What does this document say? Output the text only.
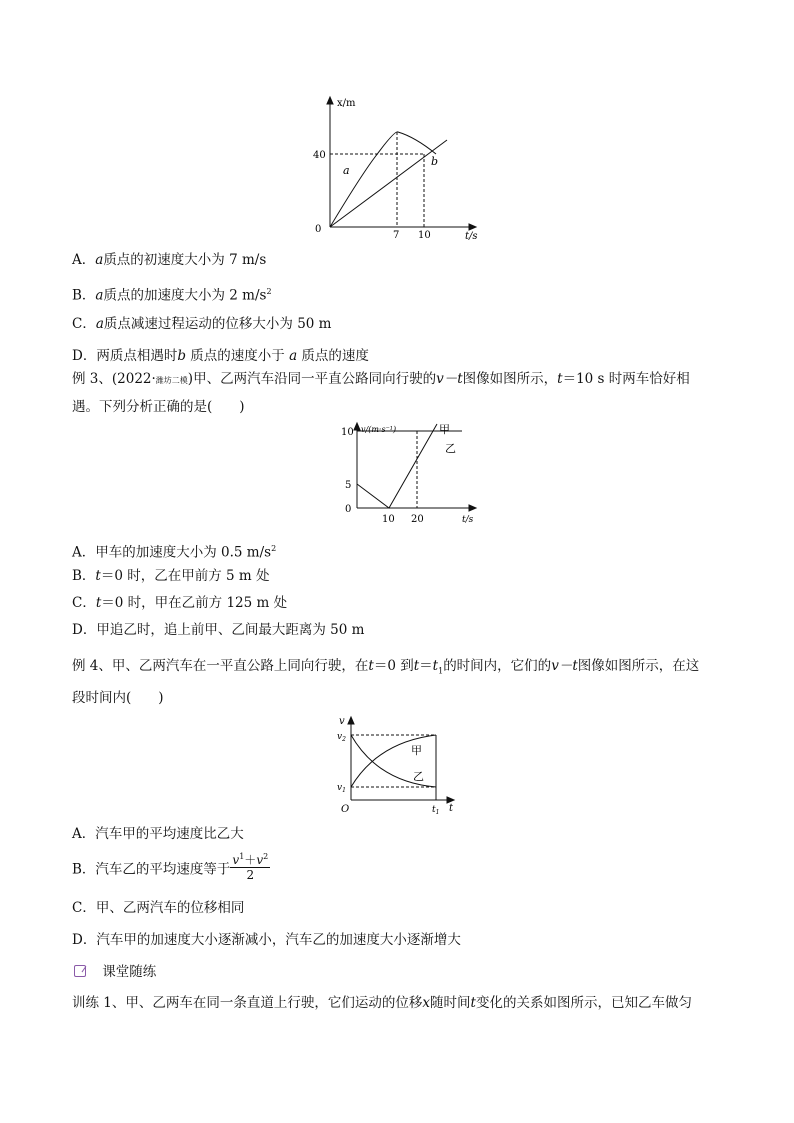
x/m
t/s
0
40
7 10
a
b
A．a质点的初速度大小为 7 m/s
B．a质点的加速度大小为 2 $m/s^2$
C．a质点减速过程运动的位移大小为 50 m
D．两质点相遇时b 质点的速度小于 a 质点的速度
例 3、(2022·潍坊二模)甲、乙两汽车沿同一平直公路同向行驶的v－t图像如图所示，t＝10 s 时两车恰好相
遇。下列分析正确的是(　　)
v/(m·s⁻¹)
t/s
10
5
0
10 20
甲
乙
A．甲车的加速度大小为 0.5 $m/s^2$
B．t＝0 时，乙在甲前方 5 m 处
C．t＝0 时，甲在乙前方 125 m 处
D．甲追乙时，追上前甲、乙间最大距离为 50 m
例 4、甲、乙两汽车在一平直公路上同向行驶，在t＝0 到$t=t_1$的时间内，它们的v－t图像如图所示，在这
段时间内(　　)
v
t
O
$v_2$
$v_1$
$t_1$
甲
乙
A．汽车甲的平均速度比乙大
B．汽车乙的平均速度等于 $\frac{v^1+v^2}{2}$
C．甲、乙两汽车的位移相同
D．汽车甲的加速度大小逐渐减小，汽车乙的加速度大小逐渐增大
课堂随练
训练 1、甲、乙两车在同一条直道上行驶，它们运动的位移x随时间t变化的关系如图所示，已知乙车做匀
